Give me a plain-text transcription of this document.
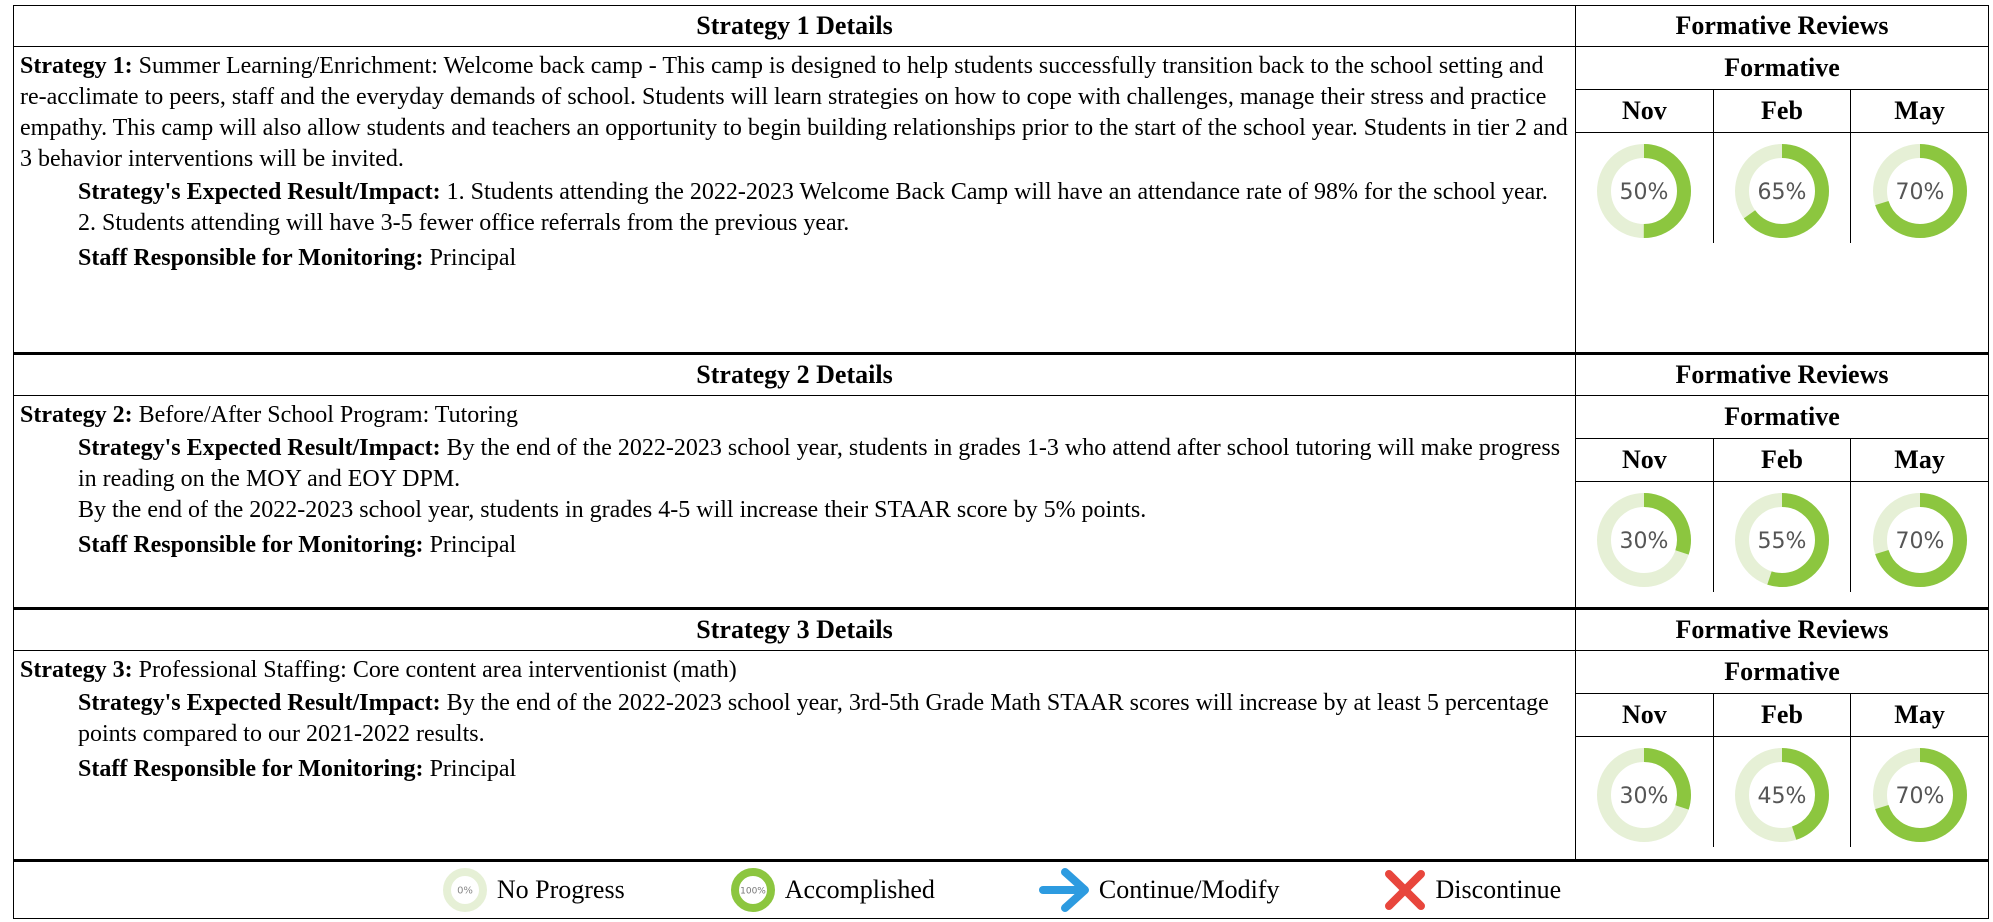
Strategy 1 Details	Formative Reviews

Strategy 1: Summer Learning/Enrichment: Welcome back camp - This camp is designed to help students successfully transition back to the school setting and re-acclimate to peers, staff and the everyday demands of school. Students will learn strategies on how to cope with challenges, manage their stress and practice empathy. This camp will also allow students and teachers an opportunity to begin building relationships prior to the start of the school year. Students in tier 2 and 3 behavior interventions will be invited.
Strategy's Expected Result/Impact: 1. Students attending the 2022-2023 Welcome Back Camp will have an attendance rate of 98% for the school year.
2. Students attending will have 3-5 fewer office referrals from the previous year.
Staff Responsible for Monitoring: Principal

Formative
Nov	Feb	May

50%	65%	70%

Strategy 2 Details	Formative Reviews

Strategy 2: Before/After School Program: Tutoring
Strategy's Expected Result/Impact: By the end of the 2022-2023 school year, students in grades 1-3 who attend after school tutoring will make progress in reading on the MOY and EOY DPM.
By the end of the 2022-2023 school year, students in grades 4-5 will increase their STAAR score by 5% points.
Staff Responsible for Monitoring: Principal

Formative
Nov	Feb	May

30%	55%	70%

Strategy 3 Details	Formative Reviews

Strategy 3: Professional Staffing: Core content area interventionist (math)
Strategy's Expected Result/Impact: By the end of the 2022-2023 school year, 3rd-5th Grade Math STAAR scores will increase by at least 5 percentage points compared to our 2021-2022 results.
Staff Responsible for Monitoring: Principal

Formative
Nov	Feb	May

30%	45%	70%

0% No Progress	100% Accomplished	Continue/Modify	Discontinue
